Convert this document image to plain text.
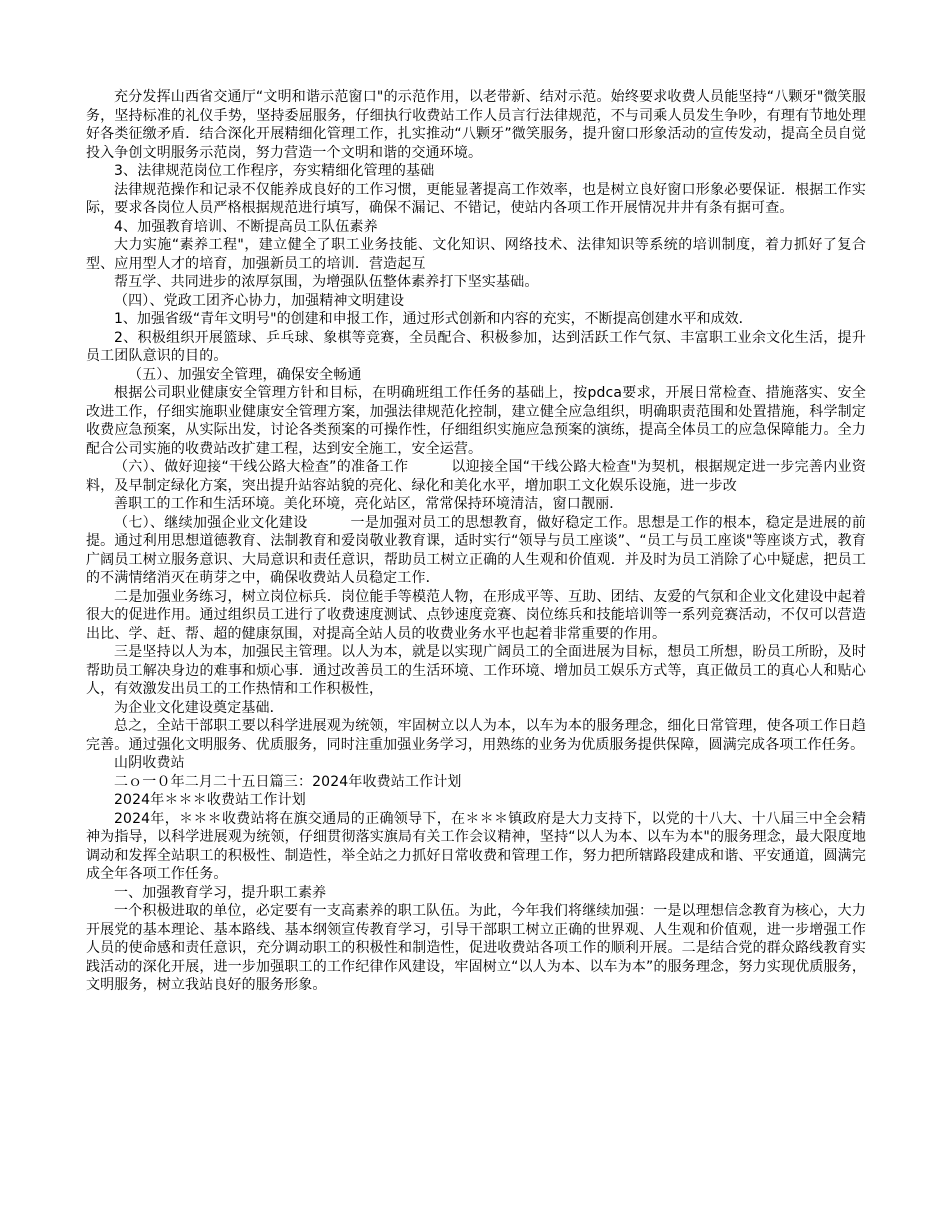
充分发挥山西省交通厅“文明和谐示范窗口"的示范作用，以老带新、结对示范。始终要求收费人员能坚持“八颗牙"微笑服务，坚持标准的礼仪手势，坚持委屈服务，仔细执行收费站工作人员言行法律规范，不与司乘人员发生争吵，有理有节地处理好各类征缴矛盾．结合深化开展精细化管理工作，扎实推动“八颗牙”微笑服务，提升窗口形象活动的宣传发动，提高全员自觉投入争创文明服务示范岗，努力营造一个文明和谐的交通环境。

3、法律规范岗位工作程序，夯实精细化管理的基础

法律规范操作和记录不仅能养成良好的工作习惯，更能显著提高工作效率，也是树立良好窗口形象必要保证．根据工作实际，要求各岗位人员严格根据规范进行填写，确保不漏记、不错记，使站内各项工作开展情况井井有条有据可查。

4、加强教育培训、不断提高员工队伍素养

大力实施“素养工程"，建立健全了职工业务技能、文化知识、网络技术、法律知识等系统的培训制度，着力抓好了复合型、应用型人才的培育，加强新员工的培训．营造起互

帮互学、共同进步的浓厚氛围，为增强队伍整体素养打下坚实基础。

（四）、党政工团齐心协力，加强精神文明建设

1、加强省级“青年文明号"的创建和申报工作，通过形式创新和内容的充实，不断提高创建水平和成效．

2、积极组织开展篮球、乒乓球、象棋等竞赛，全员配合、积极参加，达到活跃工作气氛、丰富职工业余文化生活，提升员工团队意识的目的。

（五）、加强安全管理，确保安全畅通

根据公司职业健康安全管理方针和目标，在明确班组工作任务的基础上，按pdca要求，开展日常检查、措施落实、安全改进工作，仔细实施职业健康安全管理方案，加强法律规范化控制，建立健全应急组织，明确职责范围和处置措施，科学制定收费应急预案，从实际出发，讨论各类预案的可操作性，仔细组织实施应急预案的演练，提高全体员工的应急保障能力。全力配合公司实施的收费站改扩建工程，达到安全施工，安全运营。

（六）、做好迎接“干线公路大检查”的准备工作　　　以迎接全国“干线公路大检查"为契机，根据规定进一步完善内业资料，及早制定绿化方案，突出提升站容站貌的亮化、绿化和美化水平，增加职工文化娱乐设施，进一步改

善职工的工作和生活环境。美化环境，亮化站区，常常保持环境清洁，窗口靓丽．

（七）、继续加强企业文化建设　　　一是加强对员工的思想教育，做好稳定工作。思想是工作的根本，稳定是进展的前提。通过利用思想道德教育、法制教育和爱岗敬业教育课，适时实行“领导与员工座谈”、“员工与员工座谈"等座谈方式，教育广阔员工树立服务意识、大局意识和责任意识，帮助员工树立正确的人生观和价值观．并及时为员工消除了心中疑虑，把员工的不满情绪消灭在萌芽之中，确保收费站人员稳定工作．

二是加强业务练习，树立岗位标兵．岗位能手等模范人物，在形成平等、互助、团结、友爱的气氛和企业文化建设中起着很大的促进作用。通过组织员工进行了收费速度测试、点钞速度竞赛、岗位练兵和技能培训等一系列竞赛活动，不仅可以营造出比、学、赶、帮、超的健康氛围，对提高全站人员的收费业务水平也起着非常重要的作用。

三是坚持以人为本，加强民主管理。以人为本，就是以实现广阔员工的全面进展为目标，想员工所想，盼员工所盼，及时帮助员工解决身边的难事和烦心事．通过改善员工的生活环境、工作环境、增加员工娱乐方式等，真正做员工的真心人和贴心人，有效激发出员工的工作热情和工作积极性，

为企业文化建设奠定基础．

总之，全站干部职工要以科学进展观为统领，牢固树立以人为本，以车为本的服务理念，细化日常管理，使各项工作日趋完善。通过强化文明服务、优质服务，同时注重加强业务学习，用熟练的业务为优质服务提供保障，圆满完成各项工作任务。

山阴收费站

二ｏ一０年二月二十五日篇三：2024年收费站工作计划

2024年＊＊＊收费站工作计划

2024年，＊＊＊收费站将在旗交通局的正确领导下，在＊＊＊镇政府是大力支持下，以党的十八大、十八届三中全会精神为指导，以科学进展观为统领，仔细贯彻落实旗局有关工作会议精神，坚持“以人为本、以车为本"的服务理念，最大限度地调动和发挥全站职工的积极性、制造性，举全站之力抓好日常收费和管理工作，努力把所辖路段建成和谐、平安通道，圆满完成全年各项工作任务。

一、加强教育学习，提升职工素养

一个积极进取的单位，必定要有一支高素养的职工队伍。为此，今年我们将继续加强：一是以理想信念教育为核心，大力开展党的基本理论、基本路线、基本纲领宣传教育学习，引导干部职工树立正确的世界观、人生观和价值观，进一步增强工作人员的使命感和责任意识，充分调动职工的积极性和制造性，促进收费站各项工作的顺利开展。二是结合党的群众路线教育实践活动的深化开展，进一步加强职工的工作纪律作风建设，牢固树立“以人为本、以车为本”的服务理念，努力实现优质服务，文明服务，树立我站良好的服务形象。
